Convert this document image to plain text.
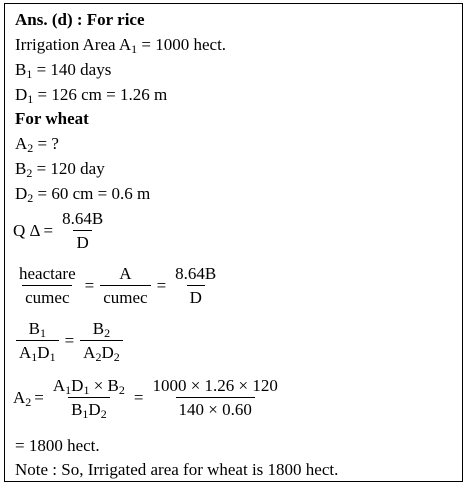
Ans. (d) : For rice
Irrigation Area $A_1 = 1000$ hect.
$B_1 = 140$ days
$D_1 = 126$ cm = 1.26 m
For wheat
$A_2$ = ?
$B_2 = 120$ day
$D_2 = 60$ cm = 0.6 m
Q $\Delta = \frac{8.64B}{D}$
$\frac{\text{heactare}}{\text{cumec}} = \frac{A}{\text{cumec}} = \frac{8.64B}{D}$
$\frac{B_1}{A_1D_1} = \frac{B_2}{A_2D_2}$
$A_2 = \frac{A_1D_1 \times B_2}{B_1D_2} = \frac{1000 \times 1.26 \times 120}{140 \times 0.60}$
= 1800 hect.
Note : So, Irrigated area for wheat is 1800 hect.
